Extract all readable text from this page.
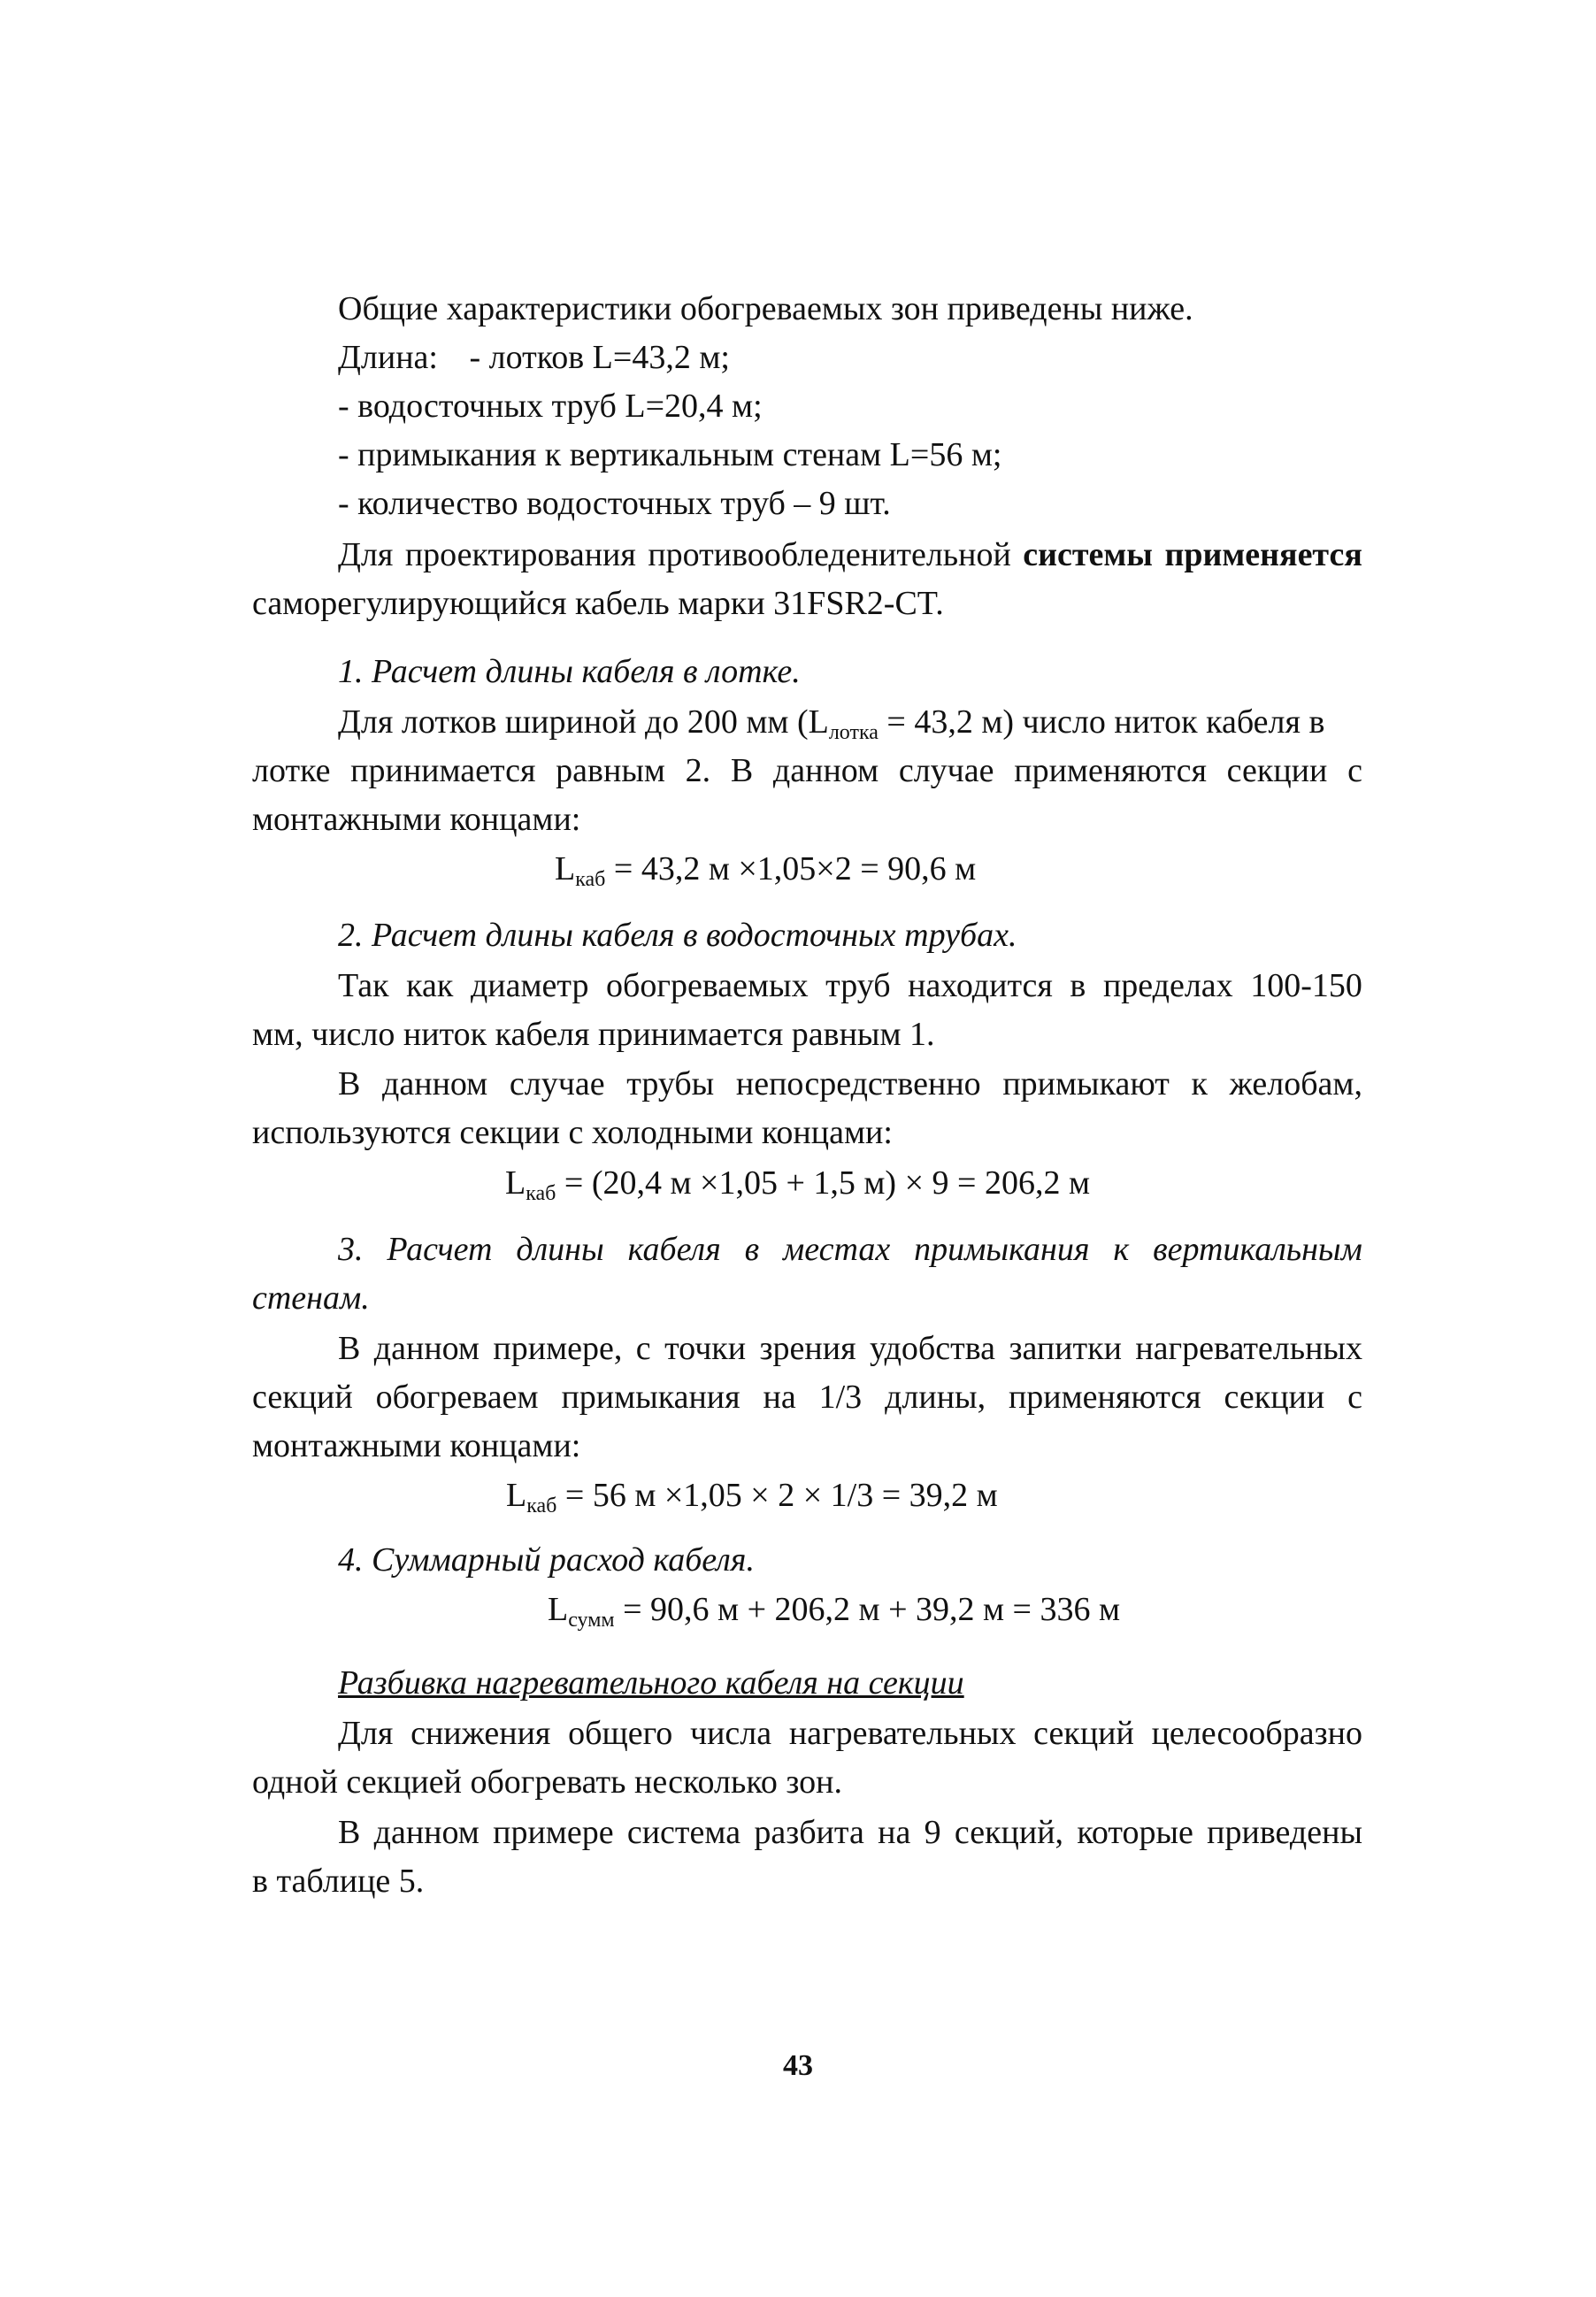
Общие характеристики обогреваемых зон приведены ниже.
Длина: - лотков L=43,2 м;
- водосточных труб L=20,4 м;
- примыкания к вертикальным стенам L=56 м;
- количество водосточных труб – 9 шт.
Для проектирования противообледенительной системы применяется
саморегулирующийся кабель марки 31FSR2-CT.
1. Расчет длины кабеля в лотке.
Для лотков шириной до 200 мм ($L_{лотка} = 43,2$ м) число ниток кабеля в
лотке принимается равным 2. В данном случае применяются секции с
монтажными концами:
$L_{каб} = 43,2$ м ×1,05×2 = 90,6 м
2. Расчет длины кабеля в водосточных трубах.
Так как диаметр обогреваемых труб находится в пределах 100-150
мм, число ниток кабеля принимается равным 1.
В данном случае трубы непосредственно примыкают к желобам,
используются секции с холодными концами:
$L_{каб} = (20,4$ м ×1,05 + 1,5 м) × 9 = 206,2 м
3. Расчет длины кабеля в местах примыкания к вертикальным
стенам.
В данном примере, с точки зрения удобства запитки нагревательных
секций обогреваем примыкания на 1/3 длины, применяются секции с
монтажными концами:
$L_{каб} = 56$ м ×1,05 × 2 × 1/3 = 39,2 м
4. Суммарный расход кабеля.
$L_{сумм} = 90,6$ м + 206,2 м + 39,2 м = 336 м
Разбивка нагревательного кабеля на секции
Для снижения общего числа нагревательных секций целесообразно
одной секцией обогревать несколько зон.
В данном примере система разбита на 9 секций, которые приведены
в таблице 5.
43
